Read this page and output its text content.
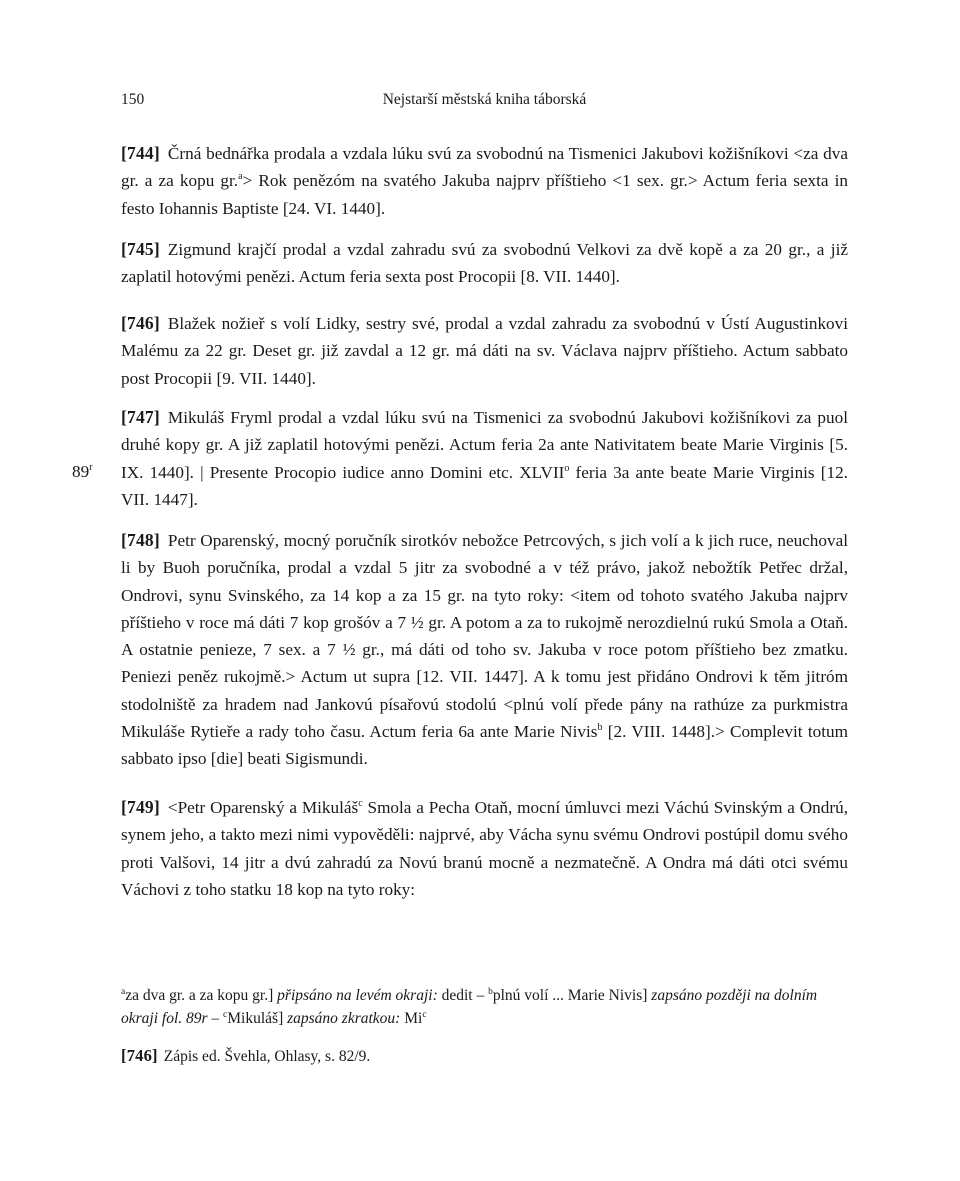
150	Nejstarší městská kniha táborská
[744] Črná bednářka prodala a vzdala lúku svú za svobodnú na Tismenici Jakubovi kožišníkovi <za dva gr. a za kopu gr.$^a$> Rok penězóm na svatého Jakuba najprv příštieho <1 sex. gr.> Actum feria sexta in festo Iohannis Baptiste [24. VI. 1440].
[745] Zigmund krajčí prodal a vzdal zahradu svú za svobodnú Velkovi za dvě kopě a za 20 gr., a již zaplatil hotovými penězi. Actum feria sexta post Procopii [8. VII. 1440].
[746] Blažek nožieř s volí Lidky, sestry své, prodal a vzdal zahradu za svobodnú v Ústí Augustinkovi Malému za 22 gr. Deset gr. již zavdal a 12 gr. má dáti na sv. Václava najprv příštieho. Actum sabbato post Procopii [9. VII. 1440].
[747] Mikuláš Fryml prodal a vzdal lúku svú na Tismenici za svobodnú Jakubovi kožišníkovi za puol druhé kopy gr. A již zaplatil hotovými penězi. Actum feria 2a ante Nativitatem beate Marie Virginis [5. IX. 1440]. | Presente Procopio iudice anno Domini etc. XLVII$^o$ feria 3a ante beate Marie Virginis [12. VII. 1447].
89$^r$
[748] Petr Oparenský, mocný poručník sirotkóv nebožce Petrcových, s jich volí a k jich ruce, neuchoval li by Buoh poručníka, prodal a vzdal 5 jitr za svobodné a v též právo, jakož nebožtík Petřec držal, Ondrovi, synu Svinského, za 14 kop a za 15 gr. na tyto roky: <item od tohoto svatého Jakuba najprv příštieho v roce má dáti 7 kop grošóv a 7 ½ gr. A potom a za to rukojmě nerozdielnú rukú Smola a Otaň. A ostatnie penieze, 7 sex. a 7 ½ gr., má dáti od toho sv. Jakuba v roce potom příštieho bez zmatku. Peniezi peněz rukojmě.> Actum ut supra [12. VII. 1447]. A k tomu jest přidáno Ondrovi k těm jitróm stodolniště za hradem nad Jankovú písařovú stodolú <plnú volí přede pány na rathúze za purkmistra Mikuláše Rytieře a rady toho času. Actum feria 6a ante Marie Nivis$^b$ [2. VIII. 1448].> Complevit totum sabbato ipso [die] beati Sigismundi.
[749] <Petr Oparenský a Mikuláš$^c$ Smola a Pecha Otaň, mocní úmluvci mezi Váchú Svinským a Ondrú, synem jeho, a takto mezi nimi vypověděli: najprvé, aby Vácha synu svému Ondrovi postúpil domu svého proti Valšovi, 14 jitr a dvú zahradú za Novú branú mocně a nezmatečně. A Ondra má dáti otci svému Váchovi z toho statku 18 kop na tyto roky:
$^a$za dva gr. a za kopu gr.] připsáno na levém okraji: dedit – $^b$plnú volí ... Marie Nivis] zapsáno později na dolním okraji fol. 89r – $^c$Mikuláš] zapsáno zkratkou: Mi$^c$
[746] Zápis ed. Švehla, Ohlasy, s. 82/9.
